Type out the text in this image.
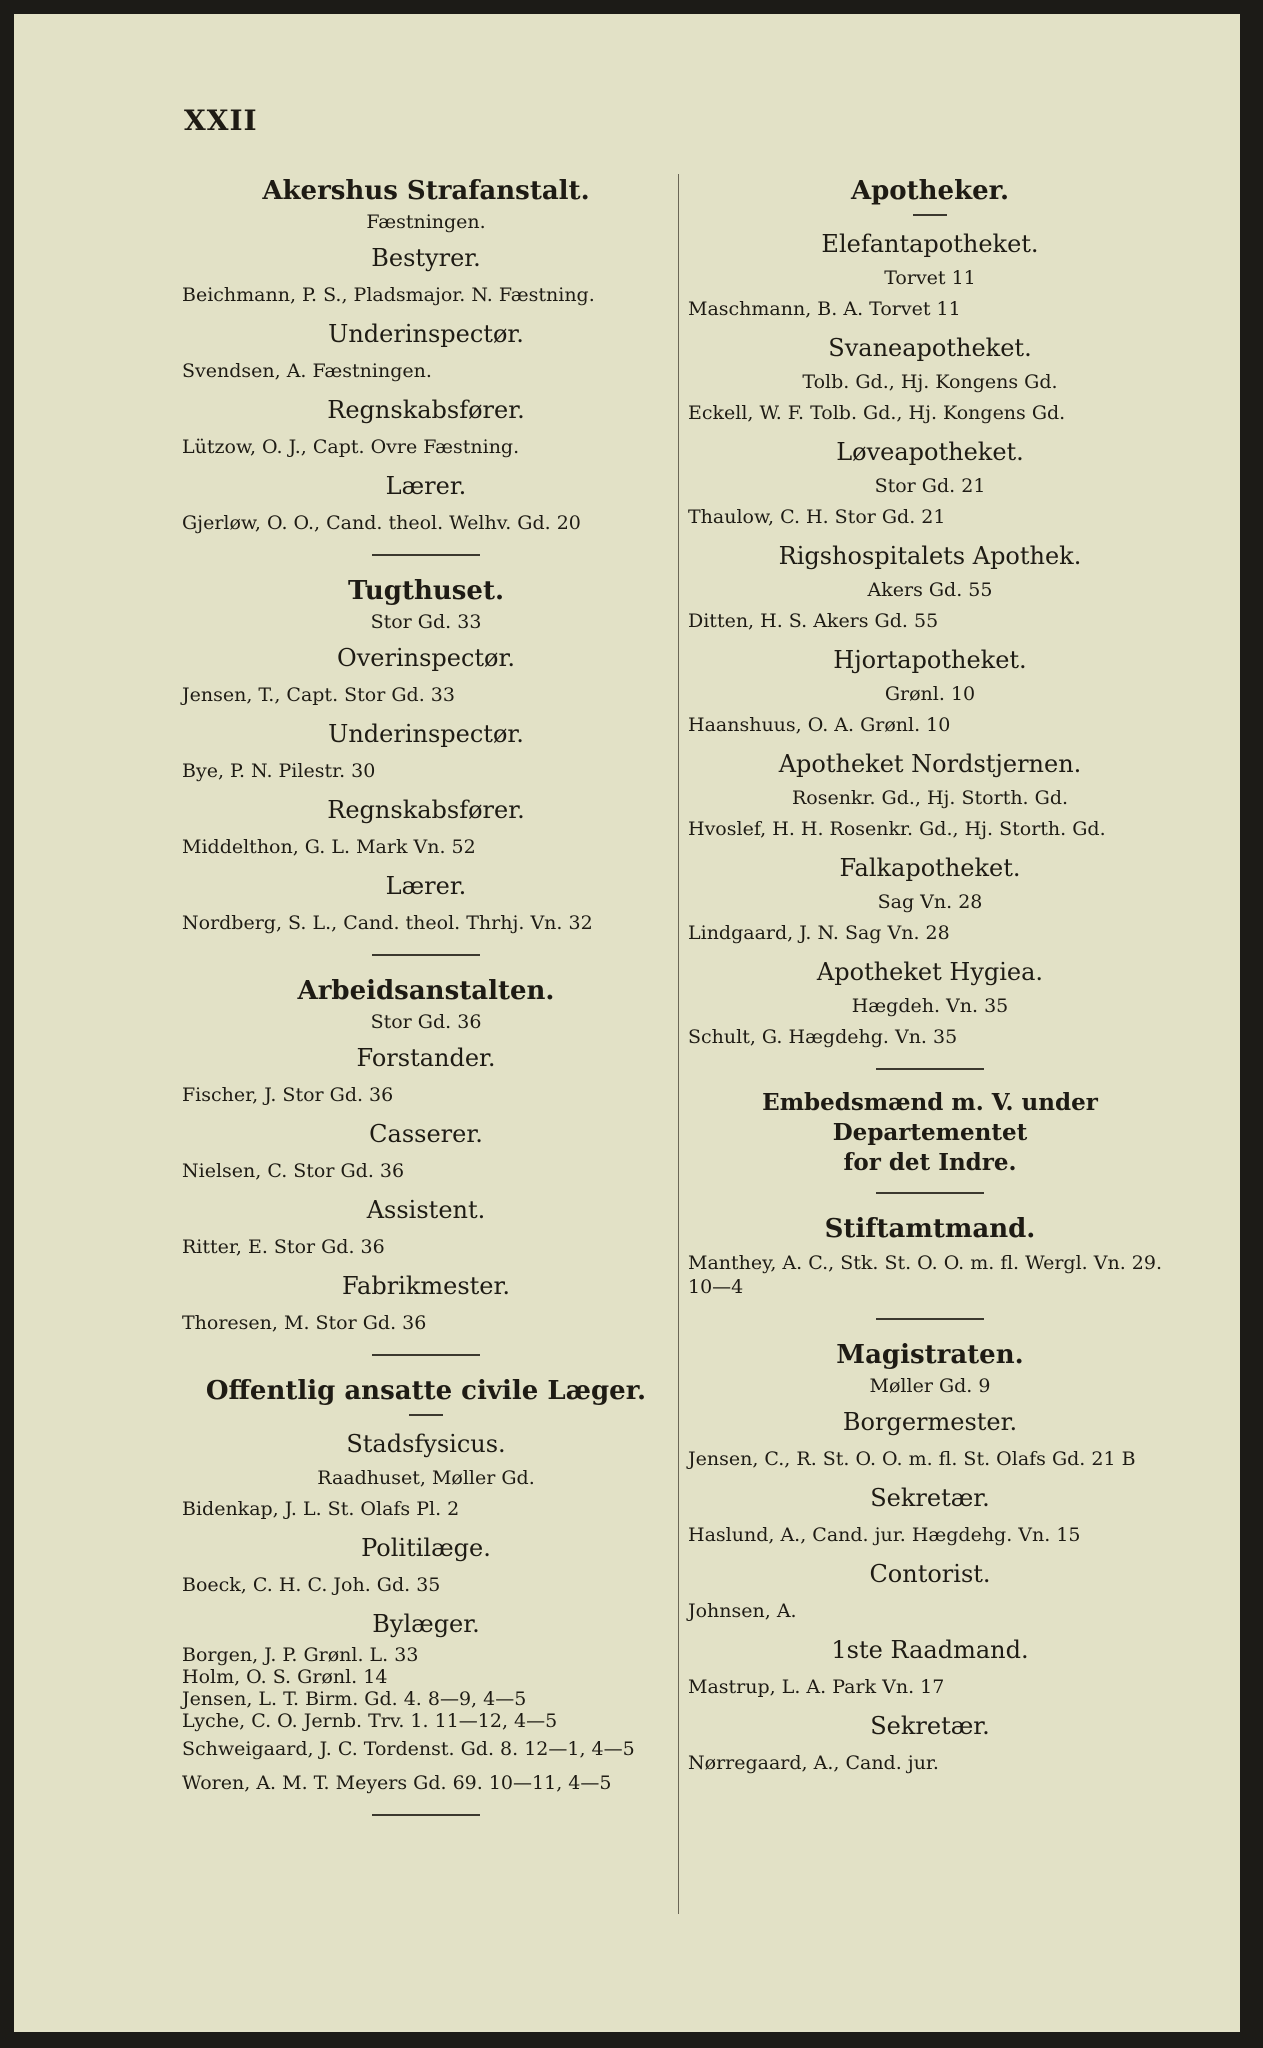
XXII
Akershus Strafanstalt.
Fæstningen.
Bestyrer.
Beichmann, P. S., Pladsmajor. N. Fæstning.
Underinspectør.
Svendsen, A. Fæstningen.
Regnskabsfører.
Lützow, O. J., Capt. Ovre Fæstning.
Lærer.
Gjerløw, O. O., Cand. theol. Welhv. Gd. 20
Tugthuset.
Stor Gd. 33
Overinspectør.
Jensen, T., Capt. Stor Gd. 33
Underinspectør.
Bye, P. N. Pilestr. 30
Regnskabsfører.
Middelthon, G. L. Mark Vn. 52
Lærer.
Nordberg, S. L., Cand. theol. Thrhj. Vn. 32
Arbeidsanstalten.
Stor Gd. 36
Forstander.
Fischer, J. Stor Gd. 36
Casserer.
Nielsen, C. Stor Gd. 36
Assistent.
Ritter, E. Stor Gd. 36
Fabrikmester.
Thoresen, M. Stor Gd. 36
Offentlig ansatte civile Læger.
Stadsfysicus.
Raadhuset, Møller Gd.
Bidenkap, J. L. St. Olafs Pl. 2
Politilæge.
Boeck, C. H. C. Joh. Gd. 35
Bylæger.
Borgen, J. P. Grønl. L. 33
Holm, O. S. Grønl. 14
Jensen, L. T. Birm. Gd. 4. 8—9, 4—5
Lyche, C. O. Jernb. Trv. 1. 11—12, 4—5
Schweigaard, J. C. Tordenst. Gd. 8. 12—1, 4—5
Woren, A. M. T. Meyers Gd. 69. 10—11, 4—5
Apotheker.
Elefantapotheket.
Torvet 11
Maschmann, B. A. Torvet 11
Svaneapotheket.
Tolb. Gd., Hj. Kongens Gd.
Eckell, W. F. Tolb. Gd., Hj. Kongens Gd.
Løveapotheket.
Stor Gd. 21
Thaulow, C. H. Stor Gd. 21
Rigshospitalets Apothek.
Akers Gd. 55
Ditten, H. S. Akers Gd. 55
Hjortapotheket.
Grønl. 10
Haanshuus, O. A. Grønl. 10
Apotheket Nordstjernen.
Rosenkr. Gd., Hj. Storth. Gd.
Hvoslef, H. H. Rosenkr. Gd., Hj. Storth. Gd.
Falkapotheket.
Sag Vn. 28
Lindgaard, J. N. Sag Vn. 28
Apotheket Hygiea.
Hægdeh. Vn. 35
Schult, G. Hægdehg. Vn. 35
Embedsmænd m. V. under Departementet
for det Indre.
Stiftamtmand.
Manthey, A. C., Stk. St. O. O. m. fl. Wergl. Vn. 29. 10—4
Magistraten.
Møller Gd. 9
Borgermester.
Jensen, C., R. St. O. O. m. fl. St. Olafs Gd. 21 B
Sekretær.
Haslund, A., Cand. jur. Hægdehg. Vn. 15
Contorist.
Johnsen, A.
1ste Raadmand.
Mastrup, L. A. Park Vn. 17
Sekretær.
Nørregaard, A., Cand. jur.
